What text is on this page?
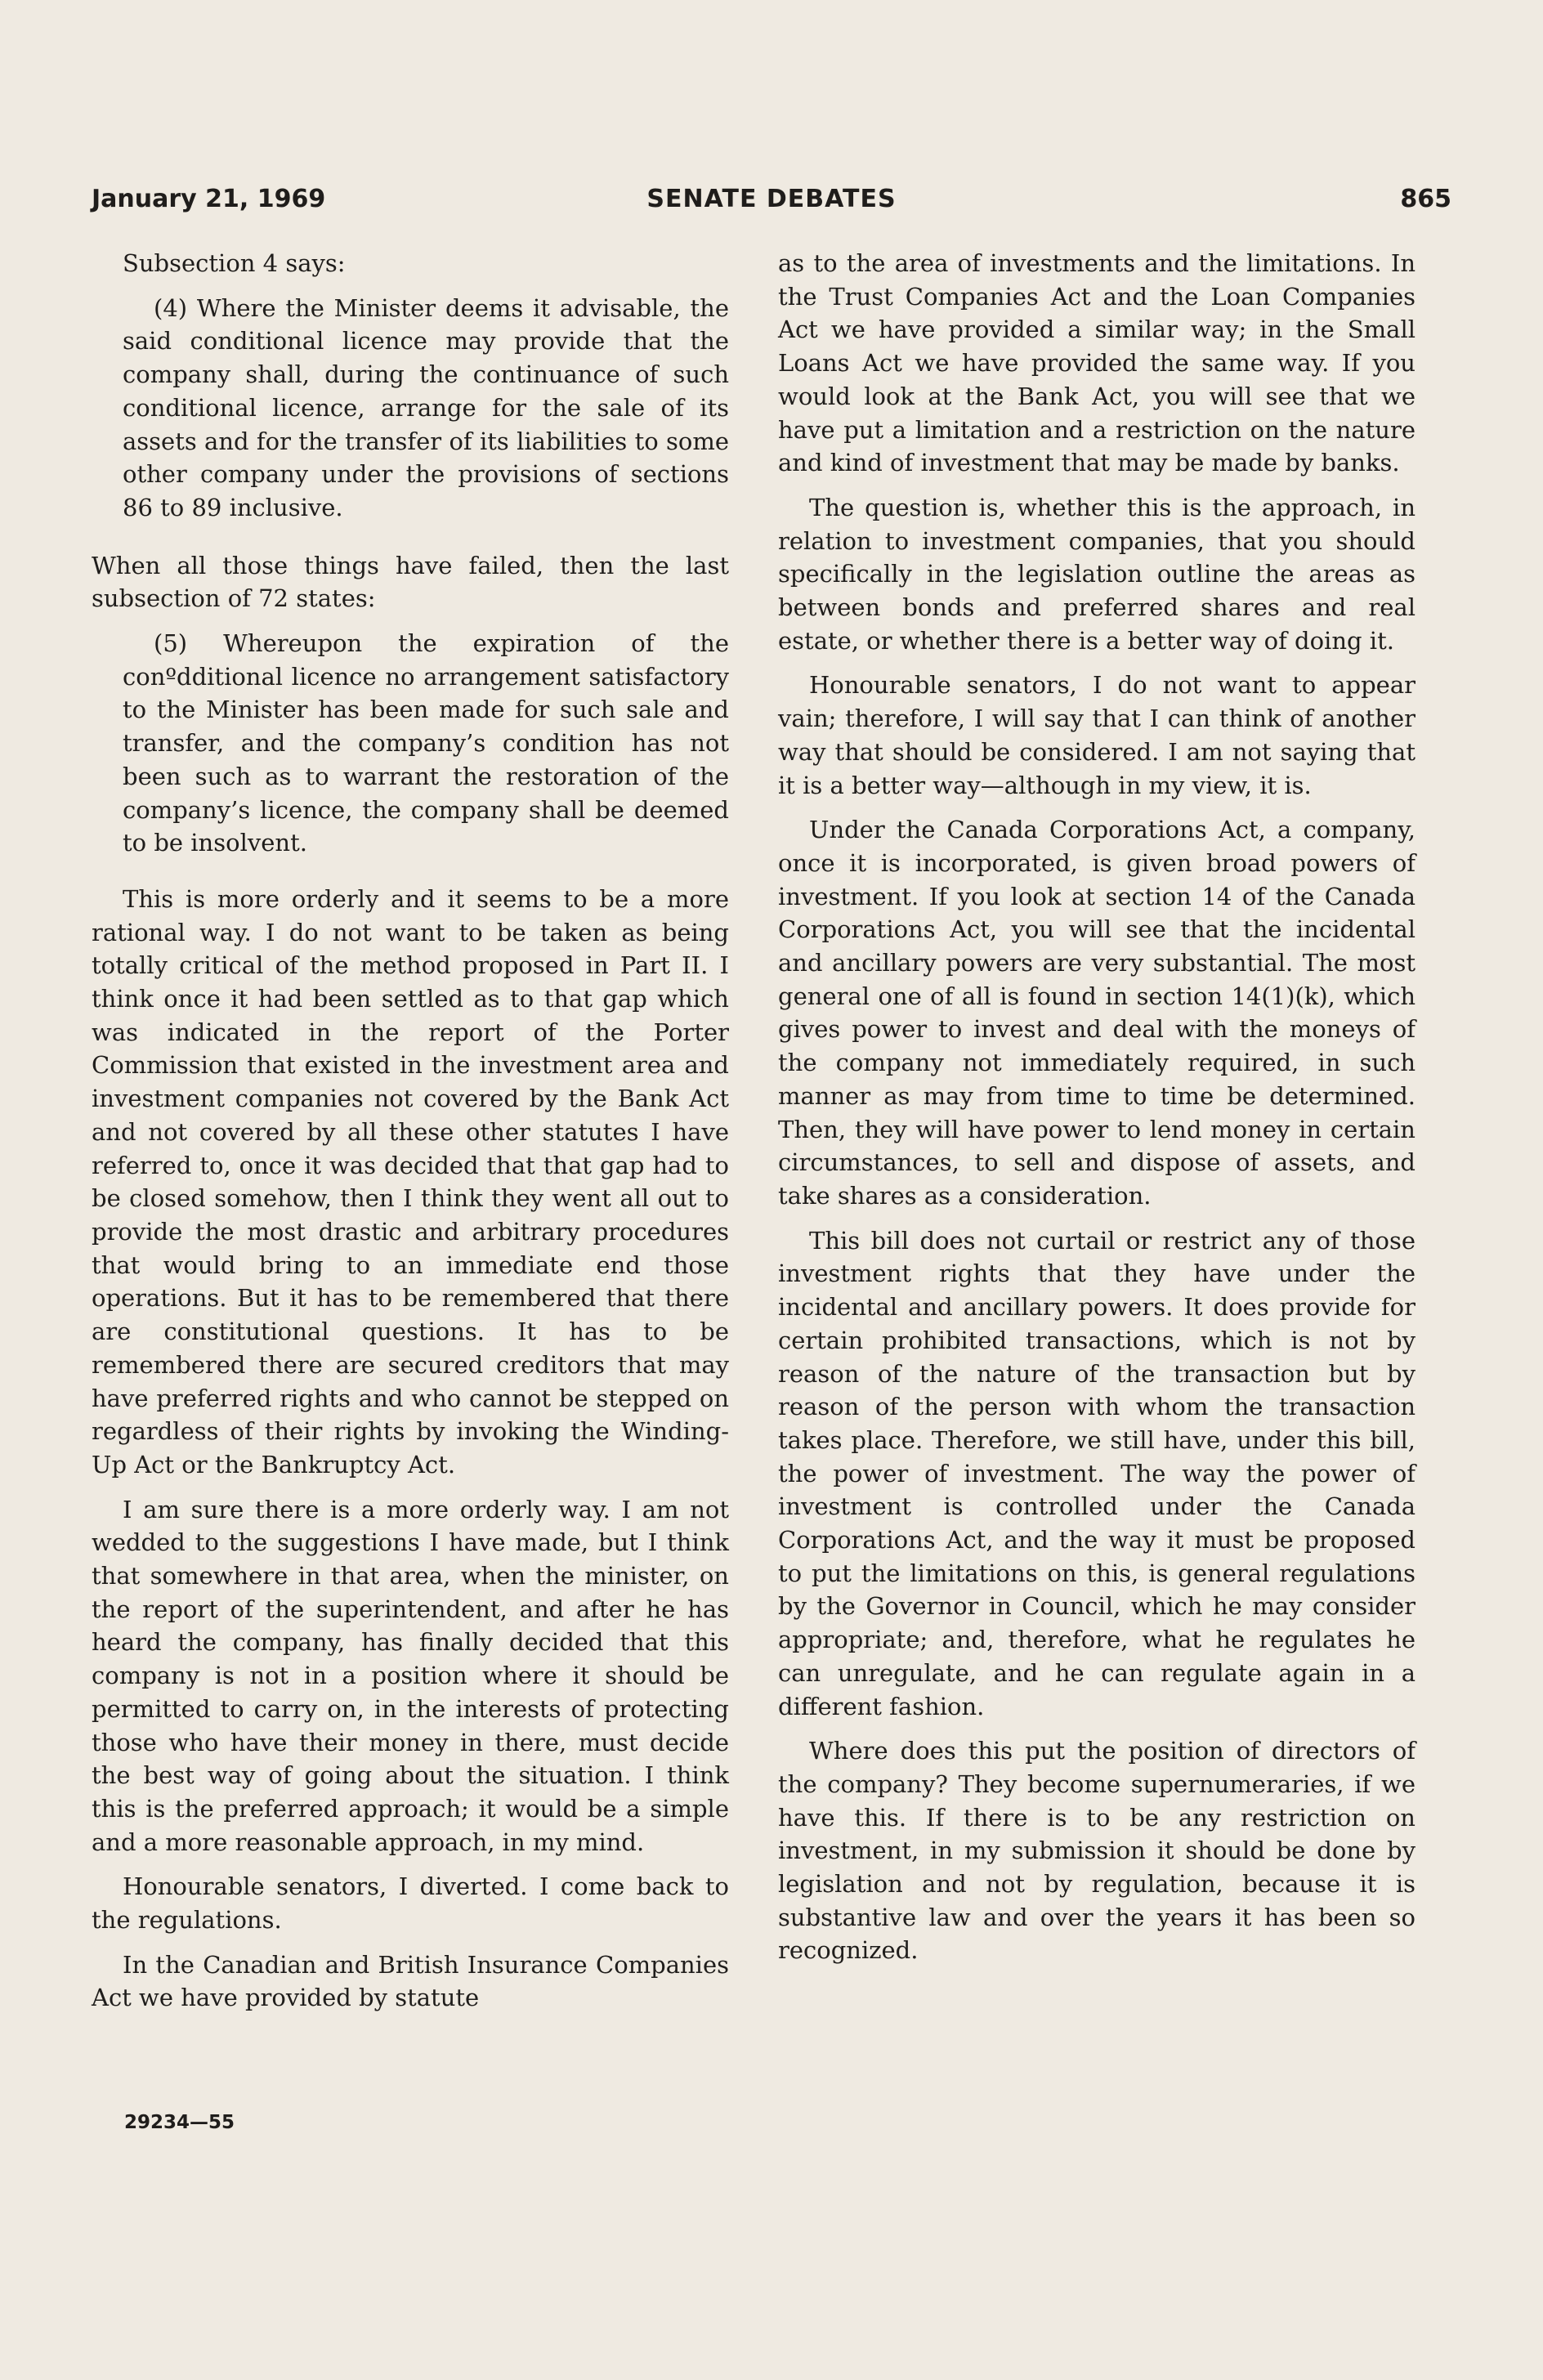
January 21, 1969	SENATE DEBATES	865

Subsection 4 says:

(4) Where the Minister deems it advisable, the said conditional licence may provide that the company shall, during the continuance of such conditional licence, arrange for the sale of its assets and for the transfer of its liabilities to some other company under the provisions of sections 86 to 89 inclusive.

When all those things have failed, then the last subsection of 72 states:

(5) Whereupon the expiration of the conºdditional licence no arrangement satisfactory to the Minister has been made for such sale and transfer, and the company’s condition has not been such as to warrant the restoration of the company’s licence, the company shall be deemed to be insolvent.

This is more orderly and it seems to be a more rational way. I do not want to be taken as being totally critical of the method proposed in Part II. I think once it had been settled as to that gap which was indicated in the report of the Porter Commission that existed in the investment area and investment companies not covered by the Bank Act and not covered by all these other statutes I have referred to, once it was decided that that gap had to be closed somehow, then I think they went all out to provide the most drastic and arbitrary procedures that would bring to an immediate end those operations. But it has to be remembered that there are constitutional questions. It has to be remembered there are secured creditors that may have preferred rights and who cannot be stepped on regardless of their rights by invoking the Winding-Up Act or the Bankruptcy Act.

I am sure there is a more orderly way. I am not wedded to the suggestions I have made, but I think that somewhere in that area, when the minister, on the report of the superintendent, and after he has heard the company, has finally decided that this company is not in a position where it should be permitted to carry on, in the interests of protecting those who have their money in there, must decide the best way of going about the situation. I think this is the preferred approach; it would be a simple and a more reasonable approach, in my mind.

Honourable senators, I diverted. I come back to the regulations.

In the Canadian and British Insurance Companies Act we have provided by statute

as to the area of investments and the limitations. In the Trust Companies Act and the Loan Companies Act we have provided a similar way; in the Small Loans Act we have provided the same way. If you would look at the Bank Act, you will see that we have put a limitation and a restriction on the nature and kind of investment that may be made by banks.

The question is, whether this is the approach, in relation to investment companies, that you should specifically in the legislation outline the areas as between bonds and preferred shares and real estate, or whether there is a better way of doing it.

Honourable senators, I do not want to appear vain; therefore, I will say that I can think of another way that should be considered. I am not saying that it is a better way—although in my view, it is.

Under the Canada Corporations Act, a company, once it is incorporated, is given broad powers of investment. If you look at section 14 of the Canada Corporations Act, you will see that the incidental and ancillary powers are very substantial. The most general one of all is found in section 14(1)(k), which gives power to invest and deal with the moneys of the company not immediately required, in such manner as may from time to time be determined. Then, they will have power to lend money in certain circumstances, to sell and dispose of assets, and take shares as a consideration.

This bill does not curtail or restrict any of those investment rights that they have under the incidental and ancillary powers. It does provide for certain prohibited transactions, which is not by reason of the nature of the transaction but by reason of the person with whom the transaction takes place. Therefore, we still have, under this bill, the power of investment. The way the power of investment is controlled under the Canada Corporations Act, and the way it must be proposed to put the limitations on this, is general regulations by the Governor in Council, which he may consider appropriate; and, therefore, what he regulates he can unregulate, and he can regulate again in a different fashion.

Where does this put the position of directors of the company? They become supernumeraries, if we have this. If there is to be any restriction on investment, in my submission it should be done by legislation and not by regulation, because it is substantive law and over the years it has been so recognized.

29234—55
